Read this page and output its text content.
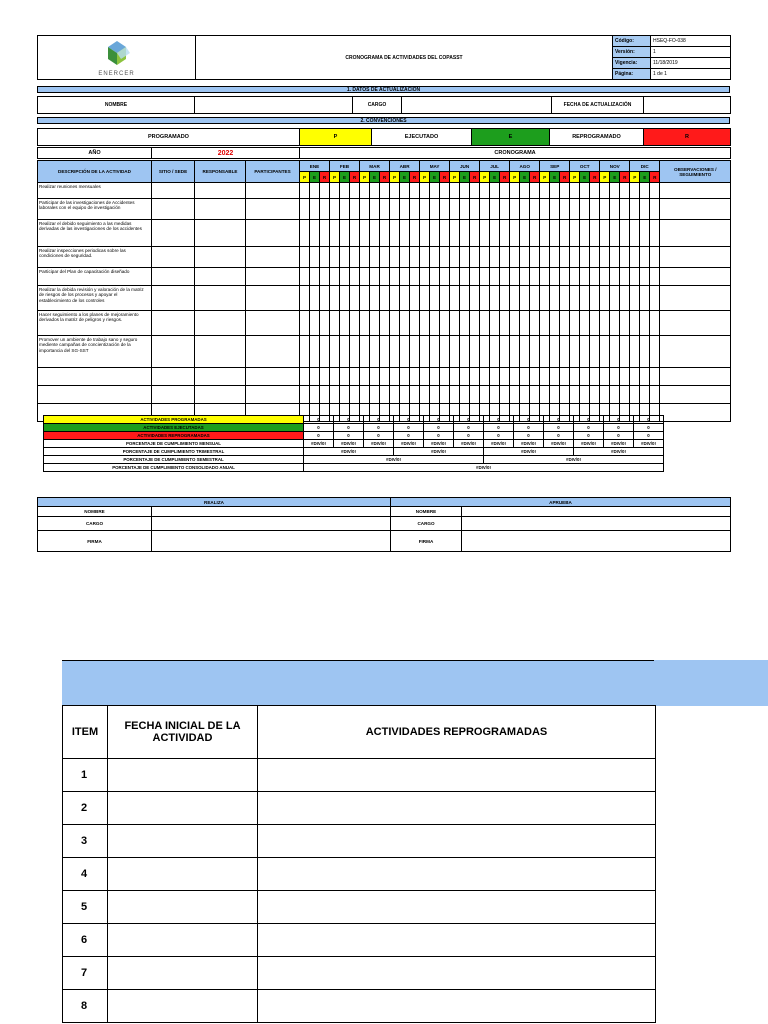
ENERCER	CRONOGRAMA DE ACTIVIDADES DEL COPASST	Código:	HSEQ-FO-038
		Versión:	1
		Vigencia:	11/18/2019
		Página:	1 de 1
1. DATOS DE ACTUALIZACIÓN
NOMBRE		CARGO		FECHA DE ACTUALIZACIÓN	
2. CONVENCIONES
PROGRAMADO	P	EJECUTADO	E	REPROGRAMADO	R
AÑO	2022	CRONOGRAMA
DESCRIPCIÓN DE LA ACTIVIDAD	SITIO / SEDE	RESPONSABLE	PARTICIPANTES	ENE			FEB			MAR			ABR			MAY			JUN			JUL			AGO			SEP			OCT			NOV			DIC			OBSERVACIONES / SEGUIMIENTO
				P	E	R	P	E	R	P	E	R	P	E	R	P	E	R	P	E	R	P	E	R	P	E	R	P	E	R	P	E	R	P	E	R	P	E	R	
Realizar reuniones mensuales																																								
Participar de las investigaciones de Accidentes laborales con el equipo de investigación																																								
Realizar el debido seguimiento a las medidas derivadas de las investigaciones de los accidentes																																								
Realizar inspecciones periodicas sobre las condiciones de seguridad.																																								
Participar del Plan de capacitación diseñado																																								
Realizar la debida revisión y valoración de la matriz de riesgos de los procesos y apoyar el establecimiento de los controles																																								
Hacer seguimiento a los planes de mejoramiento derivados la matriz de peligros y riesgos.																																								
Promover un ambiente de trabajo sano y seguro mediente campañas de concientización de la importancia del SG-SST																																								

ACTIVIDADES PROGRAMADAS	0	0	0	0	0	0	0	0	0	0	0	0
ACTIVIDADES EJECUTADAS	0	0	0	0	0	0	0	0	0	0	0	0
ACTIVIDADES REPROGRAMADAS	0	0	0	0	0	0	0	0	0	0	0	0
PORCENTAJE DE CUMPLIMIENTO MENSUAL	#DIV/0!	#DIV/0!	#DIV/0!	#DIV/0!	#DIV/0!	#DIV/0!	#DIV/0!	#DIV/0!	#DIV/0!	#DIV/0!	#DIV/0!	#DIV/0!
PORCENTAJE DE CUMPLIMIENTO TRIMESTRAL	#DIV/0!			#DIV/0!			#DIV/0!			#DIV/0!		
PORCENTAJE DE CUMPLIMIENTO SEMESTRAL	#DIV/0!						#DIV/0!					
PORCENTAJE DE CUMPLIMIENTO CONSOLIDADO ANUAL	#DIV/0!											
REALIZA		APRUEBA	
NOMBRE		NOMBRE	
CARGO		CARGO	
FIRMA		FIRMA	
ITEM	FECHA INICIAL DE LA ACTIVIDAD	ACTIVIDADES REPROGRAMADAS
1		
2		
3		
4		
5		
6		
7		
8		
